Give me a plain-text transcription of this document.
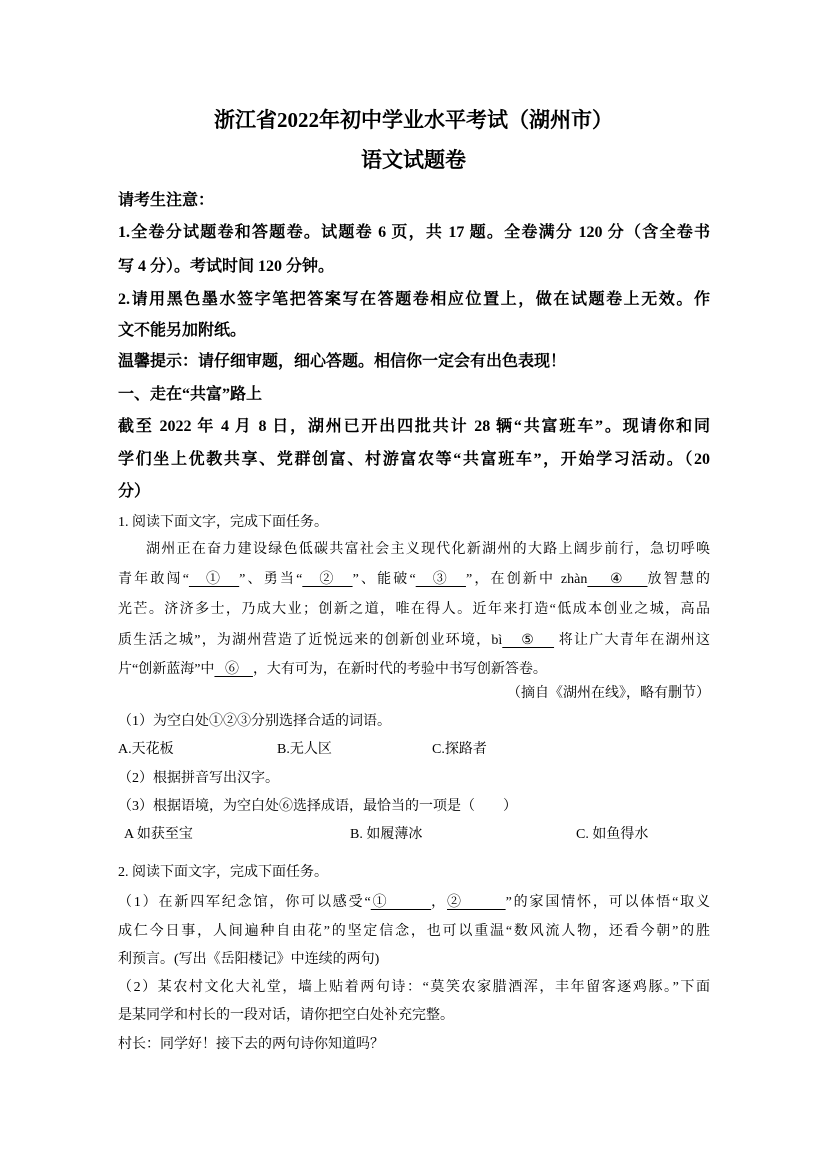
浙江省2022年初中学业水平考试（湖州市）
语文试题卷
请考生注意：
1.全卷分试题卷和答题卷。试题卷 6 页，共 17 题。全卷满分 120 分（含全卷书
写 4 分）。考试时间 120 分钟。
2.请用黑色墨水签字笔把答案写在答题卷相应位置上，做在试题卷上无效。作
文不能另加附纸。
温馨提示：请仔细审题，细心答题。相信你一定会有出色表现！
一、走在“共富”路上
截至 2022 年 4 月 8 日，湖州已开出四批共计 28 辆“共富班车”。现请你和同
学们坐上优教共享、党群创富、村游富农等“共富班车”，开始学习活动。（20
分）
1. 阅读下面文字，完成下面任务。
湖州正在奋力建设绿色低碳共富社会主义现代化新湖州的大路上阔步前行，急切呼唤
青年敢闯“   ①   ”、勇当“   ②   ”、能破“   ③   ”，在创新中 zhàn    ④    放智慧的
光芒。济济多士，乃成大业；创新之道，唯在得人。近年来打造“低成本创业之城，高品
质生活之城”，为湖州营造了近悦远来的创新创业环境，bì    ⑤     将让广大青年在湖州这
片“创新蓝海”中   ⑥    ，大有可为，在新时代的考验中书写创新答卷。
（摘自《湖州在线》，略有删节）
（1）为空白处①②③分别选择合适的词语。
A.天花板	B.无人区	C.探路者
（2）根据拼音写出汉字。
（3）根据语境，为空白处⑥选择成语，最恰当的一项是（　　）
A 如获至宝	B. 如履薄冰	C. 如鱼得水
2. 阅读下面文字，完成下面任务。
（1）在新四军纪念馆，你可以感受“①        ，②        ”的家国情怀，可以体悟“取义
成仁今日事，人间遍种自由花”的坚定信念，也可以重温“数风流人物，还看今朝”的胜
利预言。(写出《岳阳楼记》中连续的两句)
（2）某农村文化大礼堂，墙上贴着两句诗：“莫笑农家腊酒浑，丰年留客逐鸡豚。”下面
是某同学和村长的一段对话，请你把空白处补充完整。
村长：同学好！接下去的两句诗你知道吗？
